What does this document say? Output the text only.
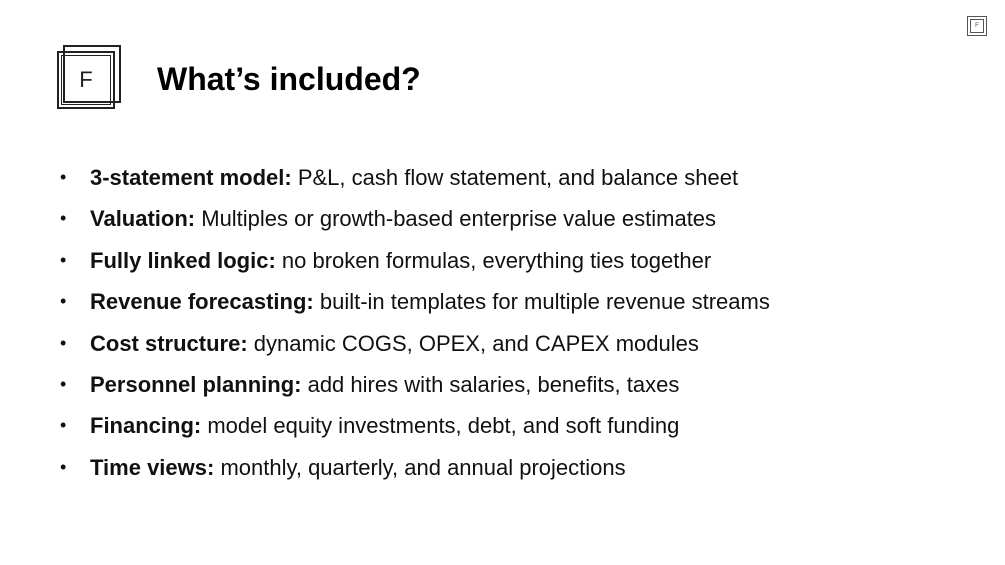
F
F
What’s included?
• 3-statement model: P&L, cash flow statement, and balance sheet
• Valuation: Multiples or growth-based enterprise value estimates
• Fully linked logic: no broken formulas, everything ties together
• Revenue forecasting: built-in templates for multiple revenue streams
• Cost structure: dynamic COGS, OPEX, and CAPEX modules
• Personnel planning: add hires with salaries, benefits, taxes
• Financing: model equity investments, debt, and soft funding
• Time views: monthly, quarterly, and annual projections
